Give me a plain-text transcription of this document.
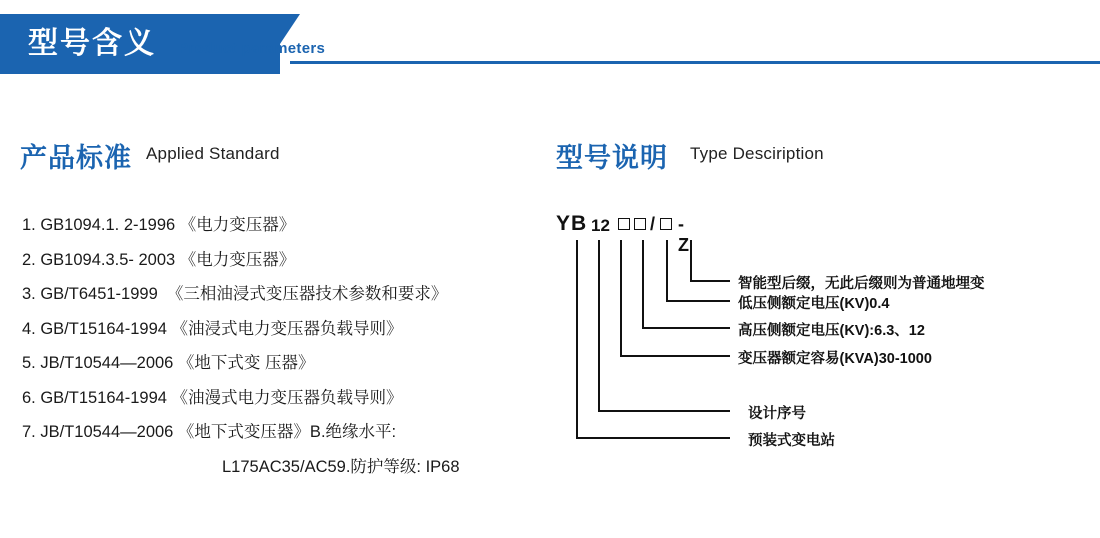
型号含义 Product parameters
产品标准 Applied Standard
1. GB1094.1. 2-1996 《电力变压器》
2. GB1094.3.5- 2003 《电力变压器》
3. GB/T6451-1999  《三相油浸式变压器技术参数和要求》
4. GB/T15164-1994 《油浸式电力变压器负载导则》
5. JB/T10544—2006 《地下式变 压器》
6. GB/T15164-1994 《油漫式电力变压器负载导则》
7. JB/T10544—2006 《地下式变压器》B.绝缘水平:
L175AC35/AC59.防护等级: IP68
型号说明 Type Desciription
YB 12 / - Z
智能型后缀，无此后缀则为普通地埋变
低压侧额定电压(KV)0.4
高压侧额定电压(KV):6.3、12
变压器额定容易(KVA)30-1000
设计序号
预装式变电站
